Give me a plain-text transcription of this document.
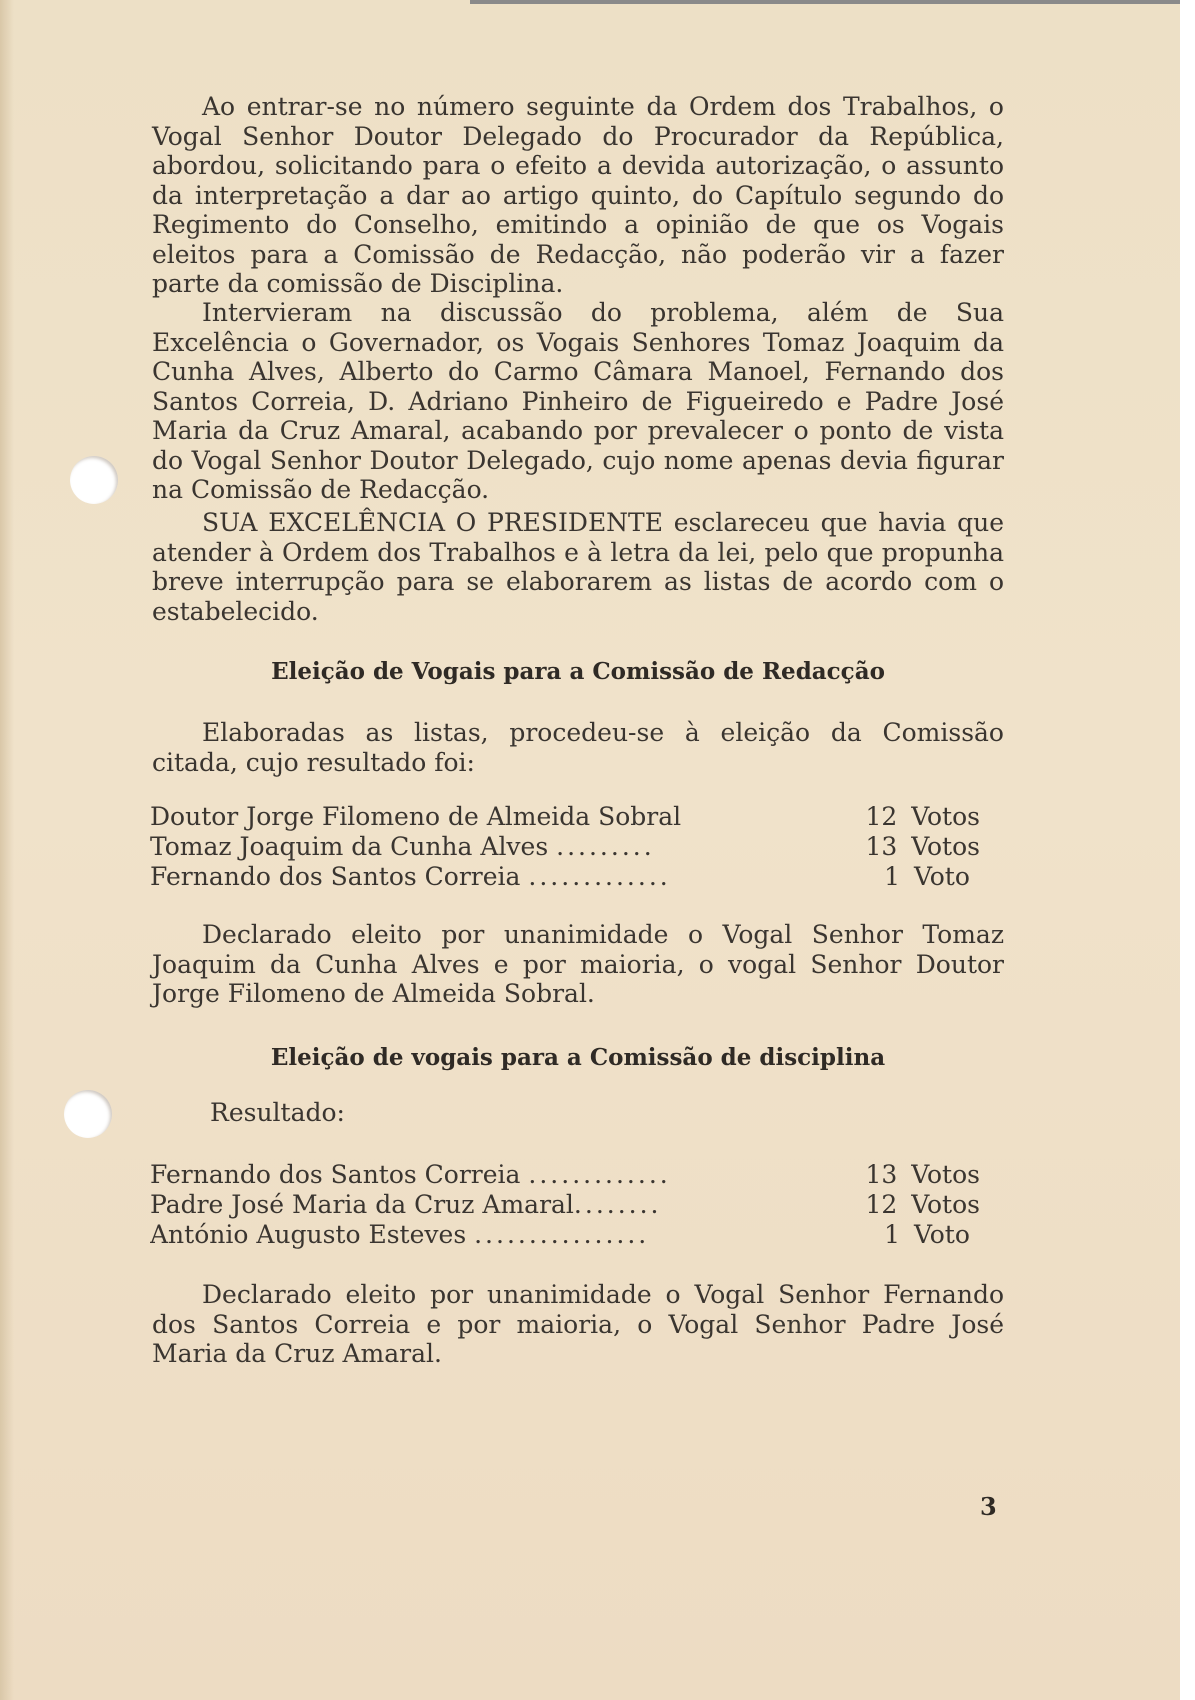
Ao entrar-se no número seguinte da Ordem dos Trabalhos, o Vogal Senhor Doutor Delegado do Procurador da República, abordou, solicitando para o efeito a devida autorização, o assunto da interpretação a dar ao artigo quinto, do Capítulo segundo do Regimento do Conselho, emitindo a opinião de que os Vogais eleitos para a Comissão de Redacção, não poderão vir a fazer parte da comissão de Disciplina.

Intervieram na discussão do problema, além de Sua Excelência o Governador, os Vogais Senhores Tomaz Joaquim da Cunha Alves, Alberto do Carmo Câmara Manoel, Fernando dos Santos Correia, D. Adriano Pinheiro de Figueiredo e Padre José Maria da Cruz Amaral, acabando por prevalecer o ponto de vista do Vogal Senhor Doutor Delegado, cujo nome apenas devia figurar na Comissão de Redacção.

SUA EXCELÊNCIA O PRESIDENTE esclareceu que havia que atender à Ordem dos Trabalhos e à letra da lei, pelo que propunha breve interrupção para se elaborarem as listas de acordo com o estabelecido.

Eleição de Vogais para a Comissão de Redacção

Elaboradas as listas, procedeu-se à eleição da Comissão citada, cujo resultado foi:

Doutor Jorge Filomeno de Almeida Sobral	12 Votos
Tomaz Joaquim da Cunha Alves .........	13 Votos
Fernando dos Santos Correia .............	1 Voto

Declarado eleito por unanimidade o Vogal Senhor Tomaz Joaquim da Cunha Alves e por maioria, o vogal Senhor Doutor Jorge Filomeno de Almeida Sobral.

Eleição de vogais para a Comissão de disciplina
Resultado:
Fernando dos Santos Correia .............	13 Votos
Padre José Maria da Cruz Amaral........	12 Votos
António Augusto Esteves ................	1 Voto

Declarado eleito por unanimidade o Vogal Senhor Fernando dos Santos Correia e por maioria, o Vogal Senhor Padre José Maria da Cruz Amaral.

3
